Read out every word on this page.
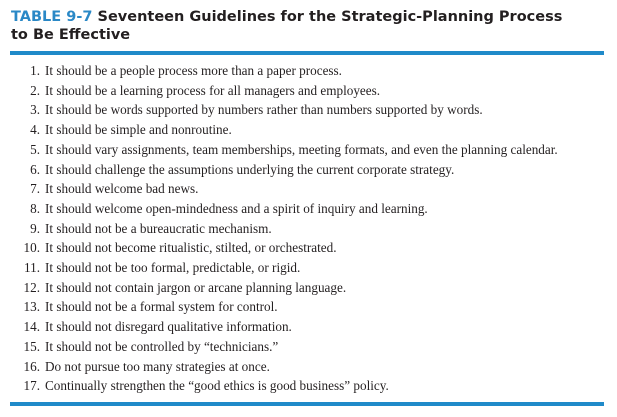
TABLE 9-7 Seventeen Guidelines for the Strategic-Planning Process
to Be Effective
1. It should be a people process more than a paper process.
2. It should be a learning process for all managers and employees.
3. It should be words supported by numbers rather than numbers supported by words.
4. It should be simple and nonroutine.
5. It should vary assignments, team memberships, meeting formats, and even the planning calendar.
6. It should challenge the assumptions underlying the current corporate strategy.
7. It should welcome bad news.
8. It should welcome open-mindedness and a spirit of inquiry and learning.
9. It should not be a bureaucratic mechanism.
10. It should not become ritualistic, stilted, or orchestrated.
11. It should not be too formal, predictable, or rigid.
12. It should not contain jargon or arcane planning language.
13. It should not be a formal system for control.
14. It should not disregard qualitative information.
15. It should not be controlled by “technicians.”
16. Do not pursue too many strategies at once.
17. Continually strengthen the “good ethics is good business” policy.
